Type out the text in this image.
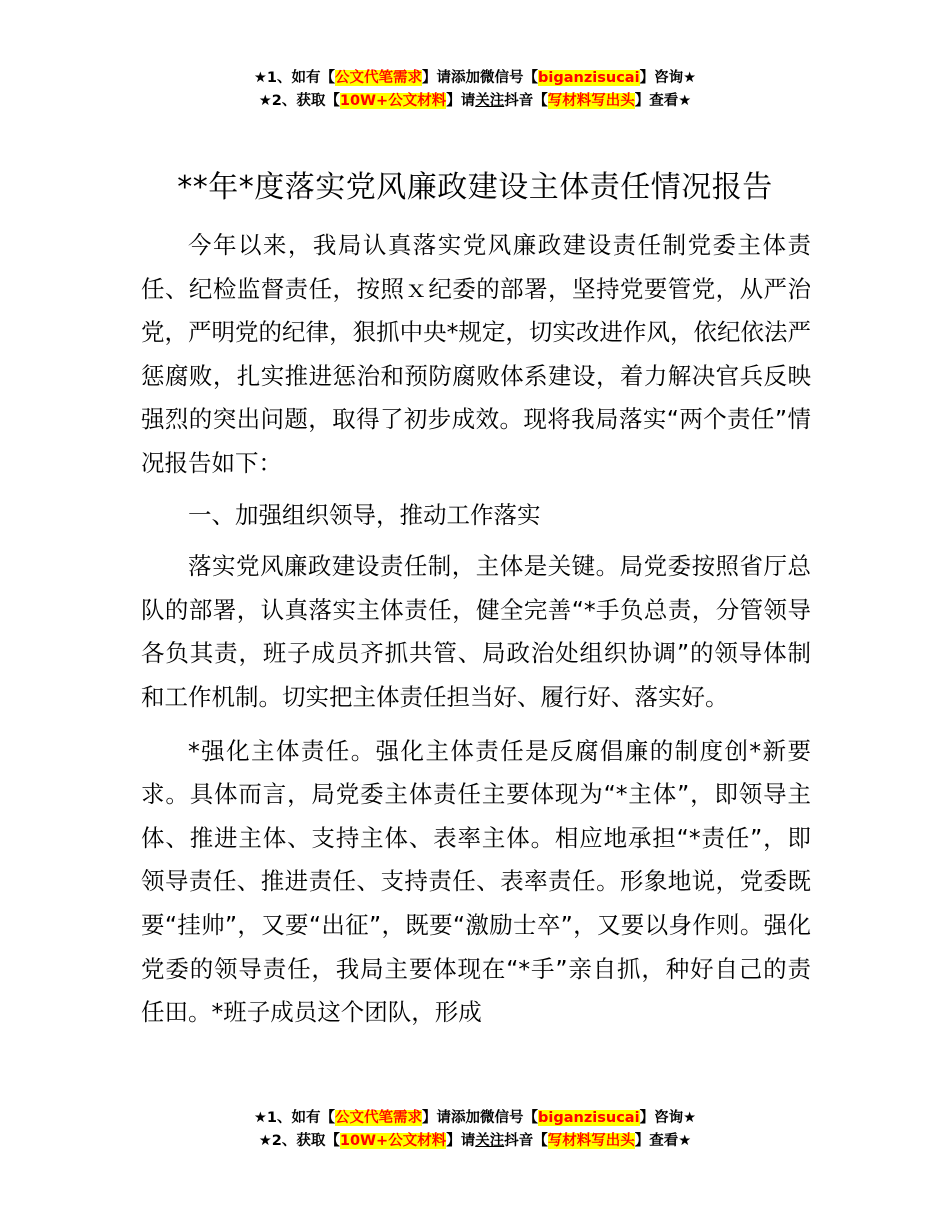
★1、如有【公文代笔需求】请添加微信号【biganzisucai】咨询★
★2、获取【10W+公文材料】请关注抖音【写材料写出头】查看★
**年*度落实党风廉政建设主体责任情况报告

今年以来，我局认真落实党风廉政建设责任制党委主体责任、纪检监督责任，按照ｘ纪委的部署，坚持党要管党，从严治党，严明党的纪律，狠抓中央*规定，切实改进作风，依纪依法严惩腐败，扎实推进惩治和预防腐败体系建设，着力解决官兵反映强烈的突出问题，取得了初步成效。现将我局落实“两个责任”情况报告如下：

一、加强组织领导，推动工作落实

落实党风廉政建设责任制，主体是关键。局党委按照省厅总队的部署，认真落实主体责任，健全完善“*手负总责，分管领导各负其责，班子成员齐抓共管、局政治处组织协调”的领导体制和工作机制。切实把主体责任担当好、履行好、落实好。

*强化主体责任。强化主体责任是反腐倡廉的制度创*新要求。具体而言，局党委主体责任主要体现为“*主体”，即领导主体、推进主体、支持主体、表率主体。相应地承担“*责任”，即领导责任、推进责任、支持责任、表率责任。形象地说，党委既要“挂帅”，又要“出征”，既要“激励士卒”，又要以身作则。强化党委的领导责任，我局主要体现在“*手”亲自抓，种好自己的责任田。*班子成员这个团队，形成

★1、如有【公文代笔需求】请添加微信号【biganzisucai】咨询★
★2、获取【10W+公文材料】请关注抖音【写材料写出头】查看★
